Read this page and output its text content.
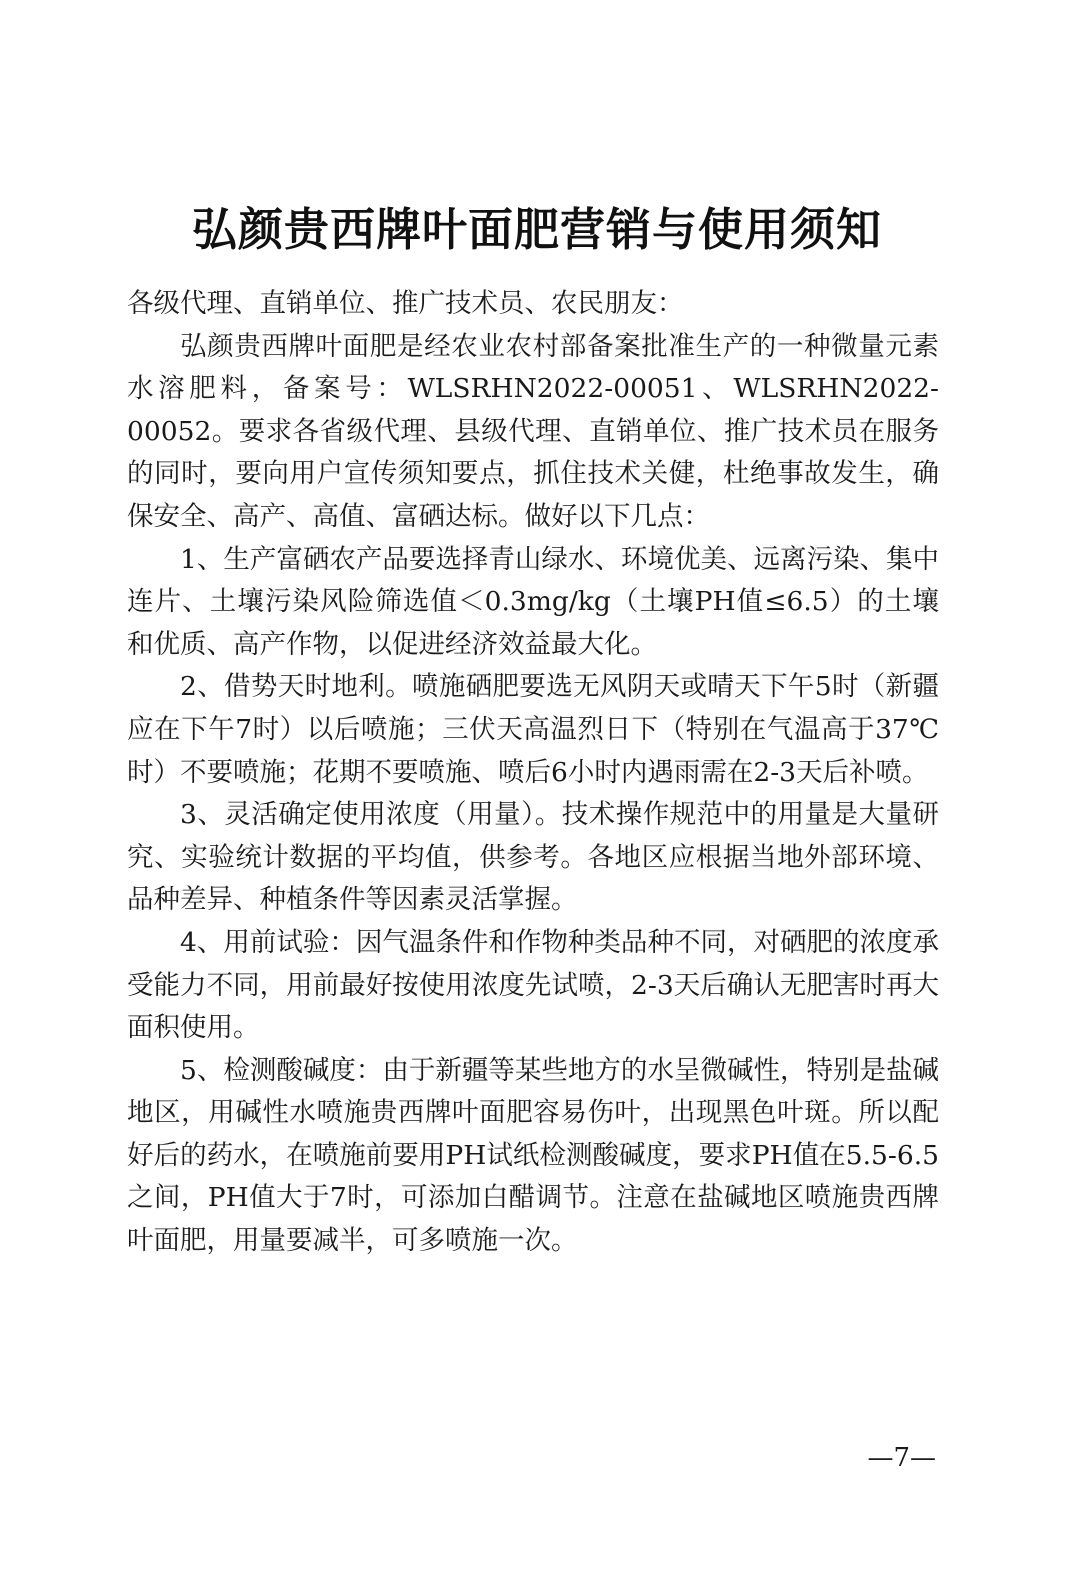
弘颜贵西牌叶面肥营销与使用须知

各级代理、直销单位、推广技术员、农民朋友：

弘颜贵西牌叶面肥是经农业农村部备案批准生产的一种微量元素水溶肥料，备案号：WLSRHN2022-00051、WLSRHN2022-00052。要求各省级代理、县级代理、直销单位、推广技术员在服务的同时，要向用户宣传须知要点，抓住技术关健，杜绝事故发生，确保安全、高产、高值、富硒达标。做好以下几点：

1、生产富硒农产品要选择青山绿水、环境优美、远离污染、集中连片、土壤污染风险筛选值＜0.3mg/kg（土壤PH值≤6.5）的土壤和优质、高产作物，以促进经济效益最大化。

2、借势天时地利。喷施硒肥要选无风阴天或晴天下午5时（新疆应在下午7时）以后喷施；三伏天高温烈日下（特别在气温高于37℃时）不要喷施；花期不要喷施、喷后6小时内遇雨需在2-3天后补喷。

3、灵活确定使用浓度（用量）。技术操作规范中的用量是大量研究、实验统计数据的平均值，供参考。各地区应根据当地外部环境、品种差异、种植条件等因素灵活掌握。

4、用前试验：因气温条件和作物种类品种不同，对硒肥的浓度承受能力不同，用前最好按使用浓度先试喷，2-3天后确认无肥害时再大面积使用。

5、检测酸碱度：由于新疆等某些地方的水呈微碱性，特别是盐碱地区，用碱性水喷施贵西牌叶面肥容易伤叶，出现黑色叶斑。所以配好后的药水，在喷施前要用PH试纸检测酸碱度，要求PH值在5.5-6.5之间，PH值大于7时，可添加白醋调节。注意在盐碱地区喷施贵西牌叶面肥，用量要减半，可多喷施一次。

—7—
